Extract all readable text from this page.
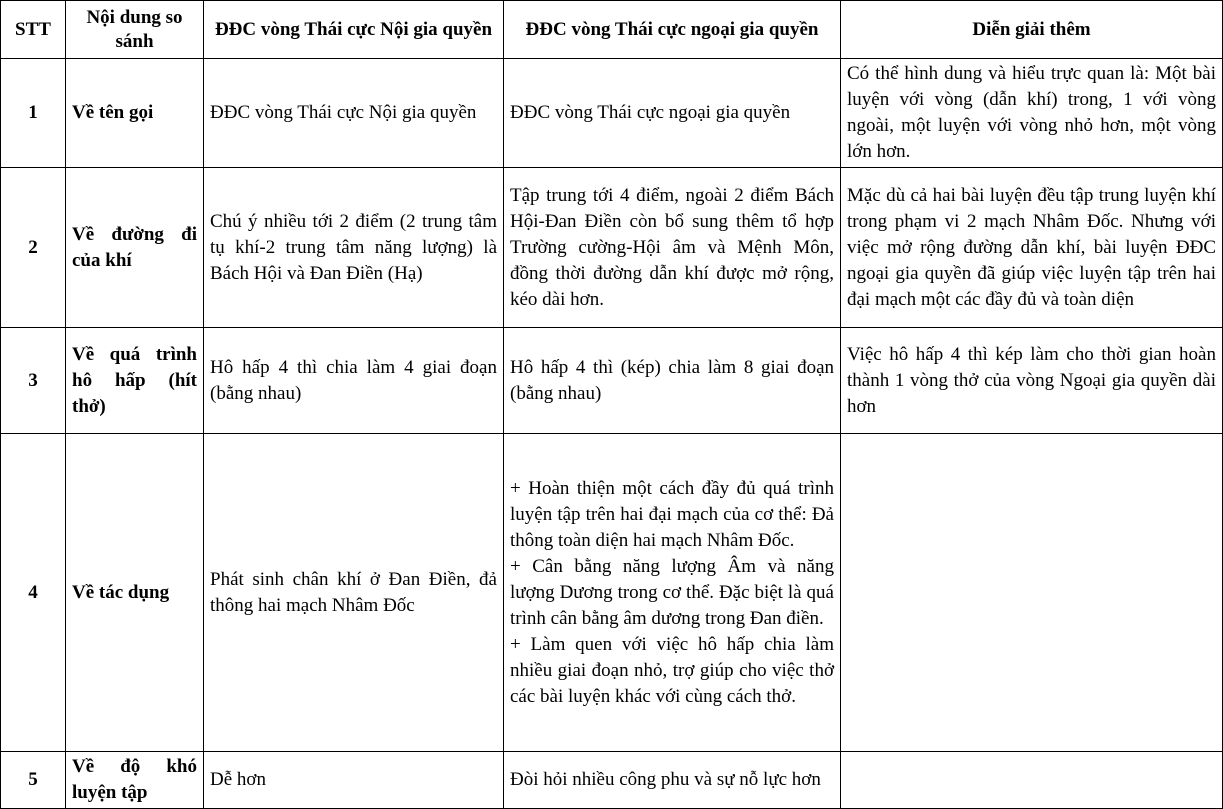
STT	Nội dung so sánh	ĐĐC vòng Thái cực Nội gia quyền	ĐĐC vòng Thái cực ngoại gia quyền	Diễn giải thêm
1	Về tên gọi	ĐĐC vòng Thái cực Nội gia quyền	ĐĐC vòng Thái cực ngoại gia quyền	Có thể hình dung và hiểu trực quan là: Một bài luyện với vòng (dẫn khí) trong, 1 với vòng ngoài, một luyện với vòng nhỏ hơn, một vòng lớn hơn.
2	Về đường đi của khí	Chú ý nhiều tới 2 điểm (2 trung tâm tụ khí-2 trung tâm năng lượng) là Bách Hội và Đan Điền (Hạ)	Tập trung tới 4 điểm, ngoài 2 điểm Bách Hội-Đan Điền còn bổ sung thêm tổ hợp Trường cường-Hội âm và Mệnh Môn, đồng thời đường dẫn khí được mở rộng, kéo dài hơn.	Mặc dù cả hai bài luyện đều tập trung luyện khí trong phạm vi 2 mạch Nhâm Đốc. Nhưng với việc mở rộng đường dẫn khí, bài luyện ĐĐC ngoại gia quyền đã giúp việc luyện tập trên hai đại mạch một các đầy đủ và toàn diện
3	Về quá trình hô hấp (hít thở)	Hô hấp 4 thì chia làm 4 giai đoạn (bằng nhau)	Hô hấp 4 thì (kép) chia làm 8 giai đoạn (bằng nhau)	Việc hô hấp 4 thì kép làm cho thời gian hoàn thành 1 vòng thở của vòng Ngoại gia quyền dài hơn
4	Về tác dụng	Phát sinh chân khí ở Đan Điền, đả thông hai mạch Nhâm Đốc	+ Hoàn thiện một cách đầy đủ quá trình luyện tập trên hai đại mạch của cơ thể: Đả thông toàn diện hai mạch Nhâm Đốc.
+ Cân bằng năng lượng Âm và năng lượng Dương trong cơ thể. Đặc biệt là quá trình cân bằng âm dương trong Đan điền.
+ Làm quen với việc hô hấp chia làm nhiều giai đoạn nhỏ, trợ giúp cho việc thở các bài luyện khác với cùng cách thở.	

5	Về độ khó luyện tập	Dễ hơn	Đòi hỏi nhiều công phu và sự nỗ lực hơn	
